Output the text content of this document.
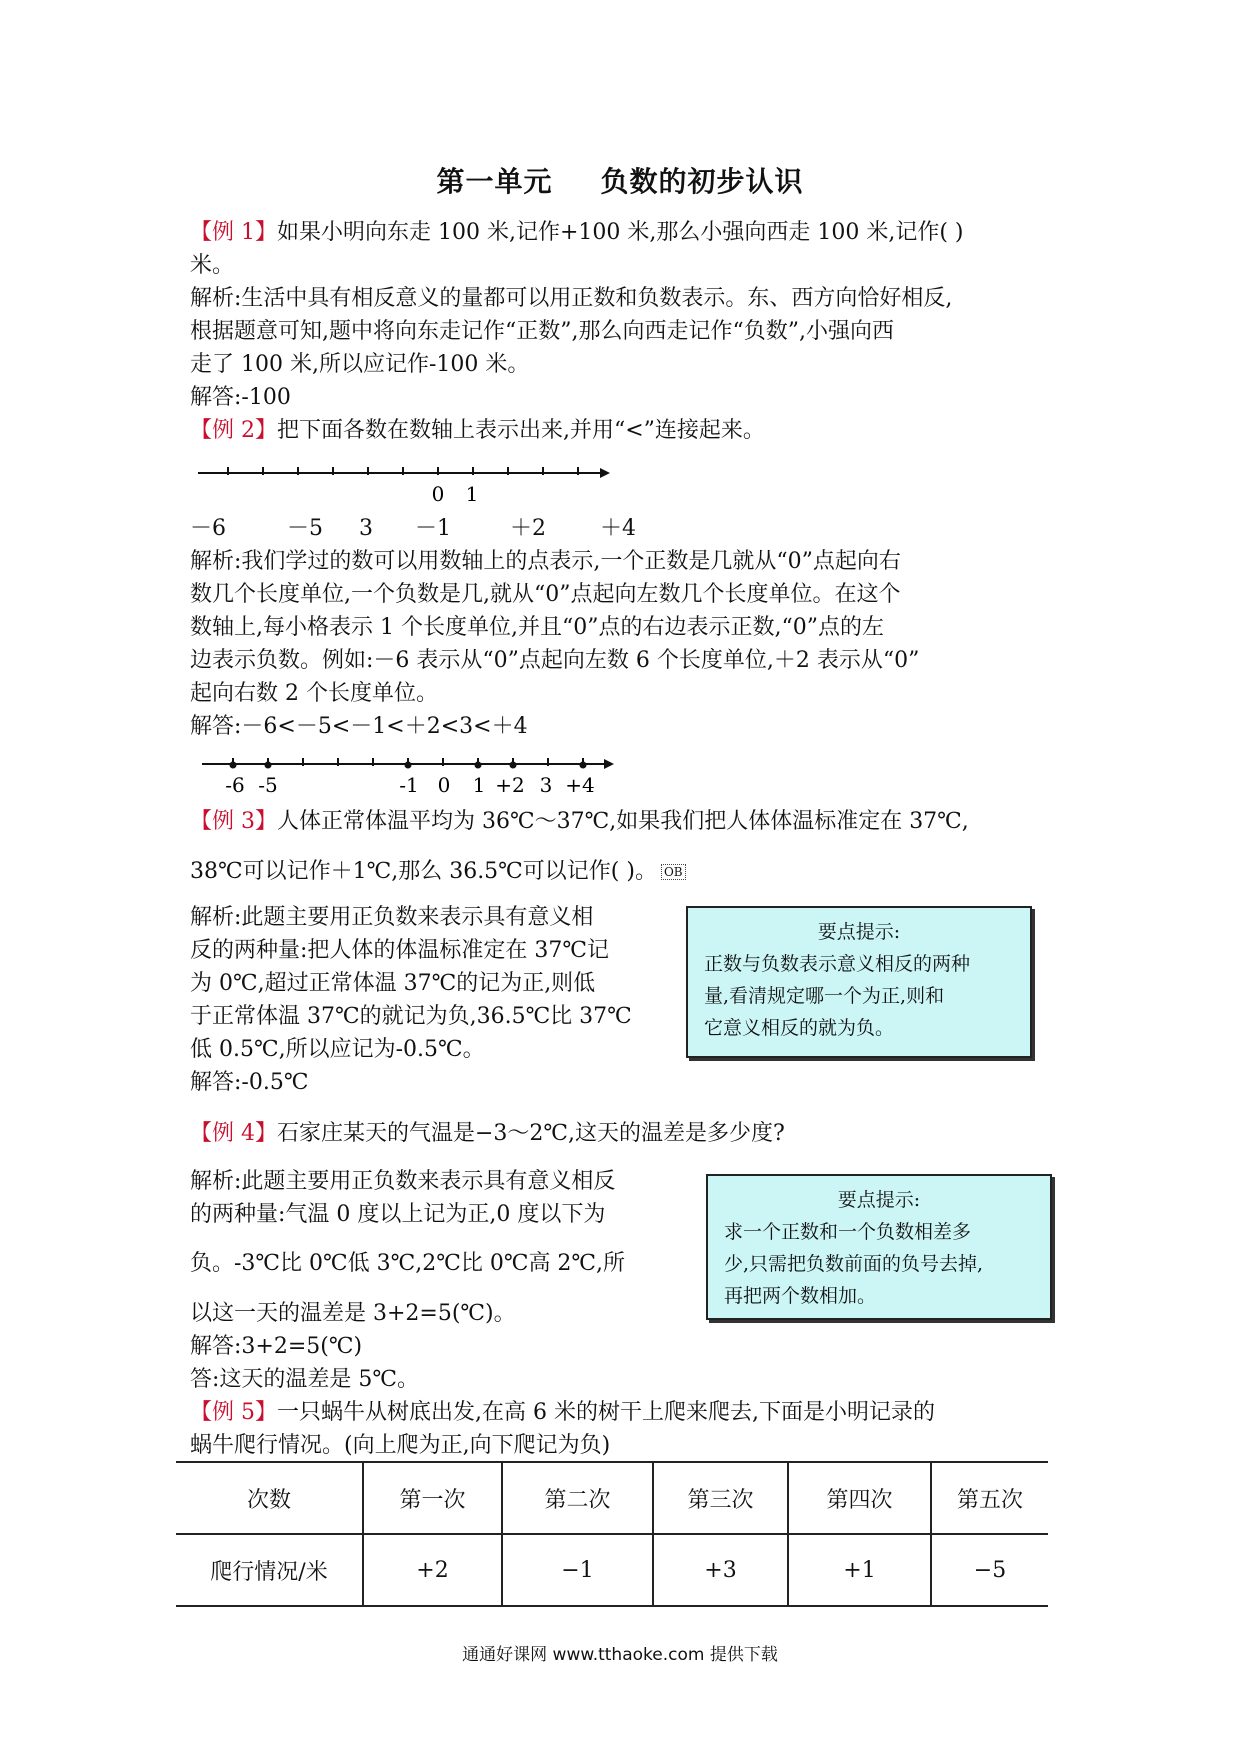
第一单元 负数的初步认识
【例 1】如果小明向东走 100 米,记作+100 米,那么小强向西走 100 米,记作( )
米。
解析:生活中具有相反意义的量都可以用正数和负数表示。东、西方向恰好相反,
根据题意可知,题中将向东走记作“正数”,那么向西走记作“负数”,小强向西
走了 100 米,所以应记作-100 米。
解答:-100
【例 2】把下面各数在数轴上表示出来,并用“<”连接起来。
0 1
－6	－5 3 －1	＋2 ＋4
解析:我们学过的数可以用数轴上的点表示,一个正数是几就从“0”点起向右
数几个长度单位,一个负数是几,就从“0”点起向左数几个长度单位。在这个
数轴上,每小格表示 1 个长度单位,并且“0”点的右边表示正数,“0”点的左
边表示负数。例如:－6 表示从“0”点起向左数 6 个长度单位,＋2 表示从“0”
起向右数 2 个长度单位。
解答:－6<－5<－1<＋2<3<＋4
-6 -5	-1 0 1 +2 3 +4
【例 3】人体正常体温平均为 36℃～37℃,如果我们把人体体温标准定在 37℃,
38℃可以记作＋1℃,那么 36.5℃可以记作( )。 OB
解析:此题主要用正负数来表示具有意义相
反的两种量:把人体的体温标准定在 37℃记
为 0℃,超过正常体温 37℃的记为正,则低
于正常体温 37℃的就记为负,36.5℃比 37℃
低 0.5℃,所以应记为-0.5℃。
解答:-0.5℃
要点提示:
正数与负数表示意义相反的两种
量,看清规定哪一个为正,则和
它意义相反的就为负。
【例 4】石家庄某天的气温是−3～2℃,这天的温差是多少度?
解析:此题主要用正负数来表示具有意义相反
的两种量:气温 0 度以上记为正,0 度以下为
负。-3℃比 0℃低 3℃,2℃比 0℃高 2℃,所
以这一天的温差是 3+2=5(℃)。
解答:3+2=5(℃)
答:这天的温差是 5℃。
要点提示:
求一个正数和一个负数相差多
少,只需把负数前面的负号去掉,
再把两个数相加。
【例 5】一只蜗牛从树底出发,在高 6 米的树干上爬来爬去,下面是小明记录的
蜗牛爬行情况。(向上爬为正,向下爬记为负)
次数	第一次	第二次	第三次	第四次	第五次
爬行情况/米	+2	−1	+3	+1	−5
通通好课网 www.tthaoke.com 提供下载
